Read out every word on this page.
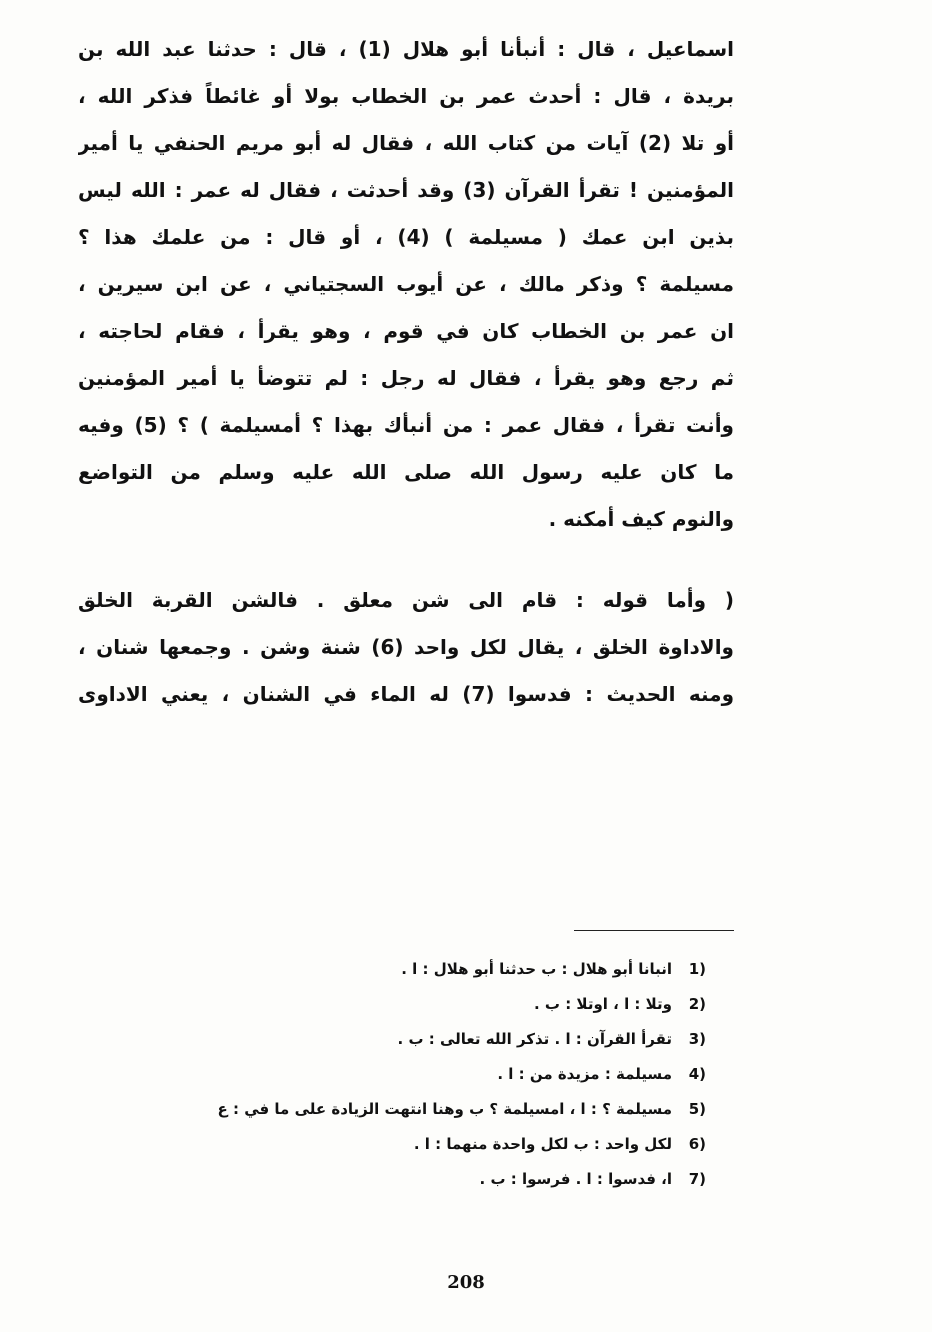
اسماعيل ، قال : أنبأنا أبو هلال (1) ، قال : حدثنا عبد الله بن
بريدة ، قال : أحدث عمر بن الخطاب بولا أو غائطاً فذكر الله ،
أو تلا (2) آيات من كتاب الله ، فقال له أبو مريم الحنفي يا أمير
المؤمنين ! تقرأ القرآن (3) وقد أحدثت ، فقال له عمر : الله ليس
بذين ابن عمك ( مسيلمة ) (4) ، أو قال : من علمك هذا ؟
مسيلمة ؟ وذكر مالك ، عن أيوب السجتياني ، عن ابن سيرين ،
ان عمر بن الخطاب كان في قوم ، وهو يقرأ ، فقام لحاجته ،
ثم رجع وهو يقرأ ، فقال له رجل : لم تتوضأ يا أمير المؤمنين
وأنت تقرأ ، فقال عمر : من أنبأك بهذا ؟ أمسيلمة ) ؟ (5) وفيه
ما كان عليه رسول الله صلى الله عليه وسلم من التواضع
والنوم كيف أمكنه .
( وأما قوله : قام الى شن معلق . فالشن القربة الخلق
والاداوة الخلق ، يقال لكل واحد (6) شنة وشن . وجمعها شنان ،
ومنه الحديث : فدسوا (7) له الماء في الشنان ، يعني الاداوى
(1انبانا أبو هلال : ب حدثنا أبو هلال : ا .
(2وتلا : ا ، اوتلا : ب .
(3تقرأ القرآن : ا . تذكر الله تعالى : ب .
(4مسيلمة : مزيدة من : ا .
(5مسيلمة ؟ : ا ، امسيلمة ؟ ب وهنا انتهت الزيادة على ما في : ع
(6لكل واحد : ب لكل واحدة منهما : ا .
(7ا، فدسوا : ا . فرسوا : ب .
208
